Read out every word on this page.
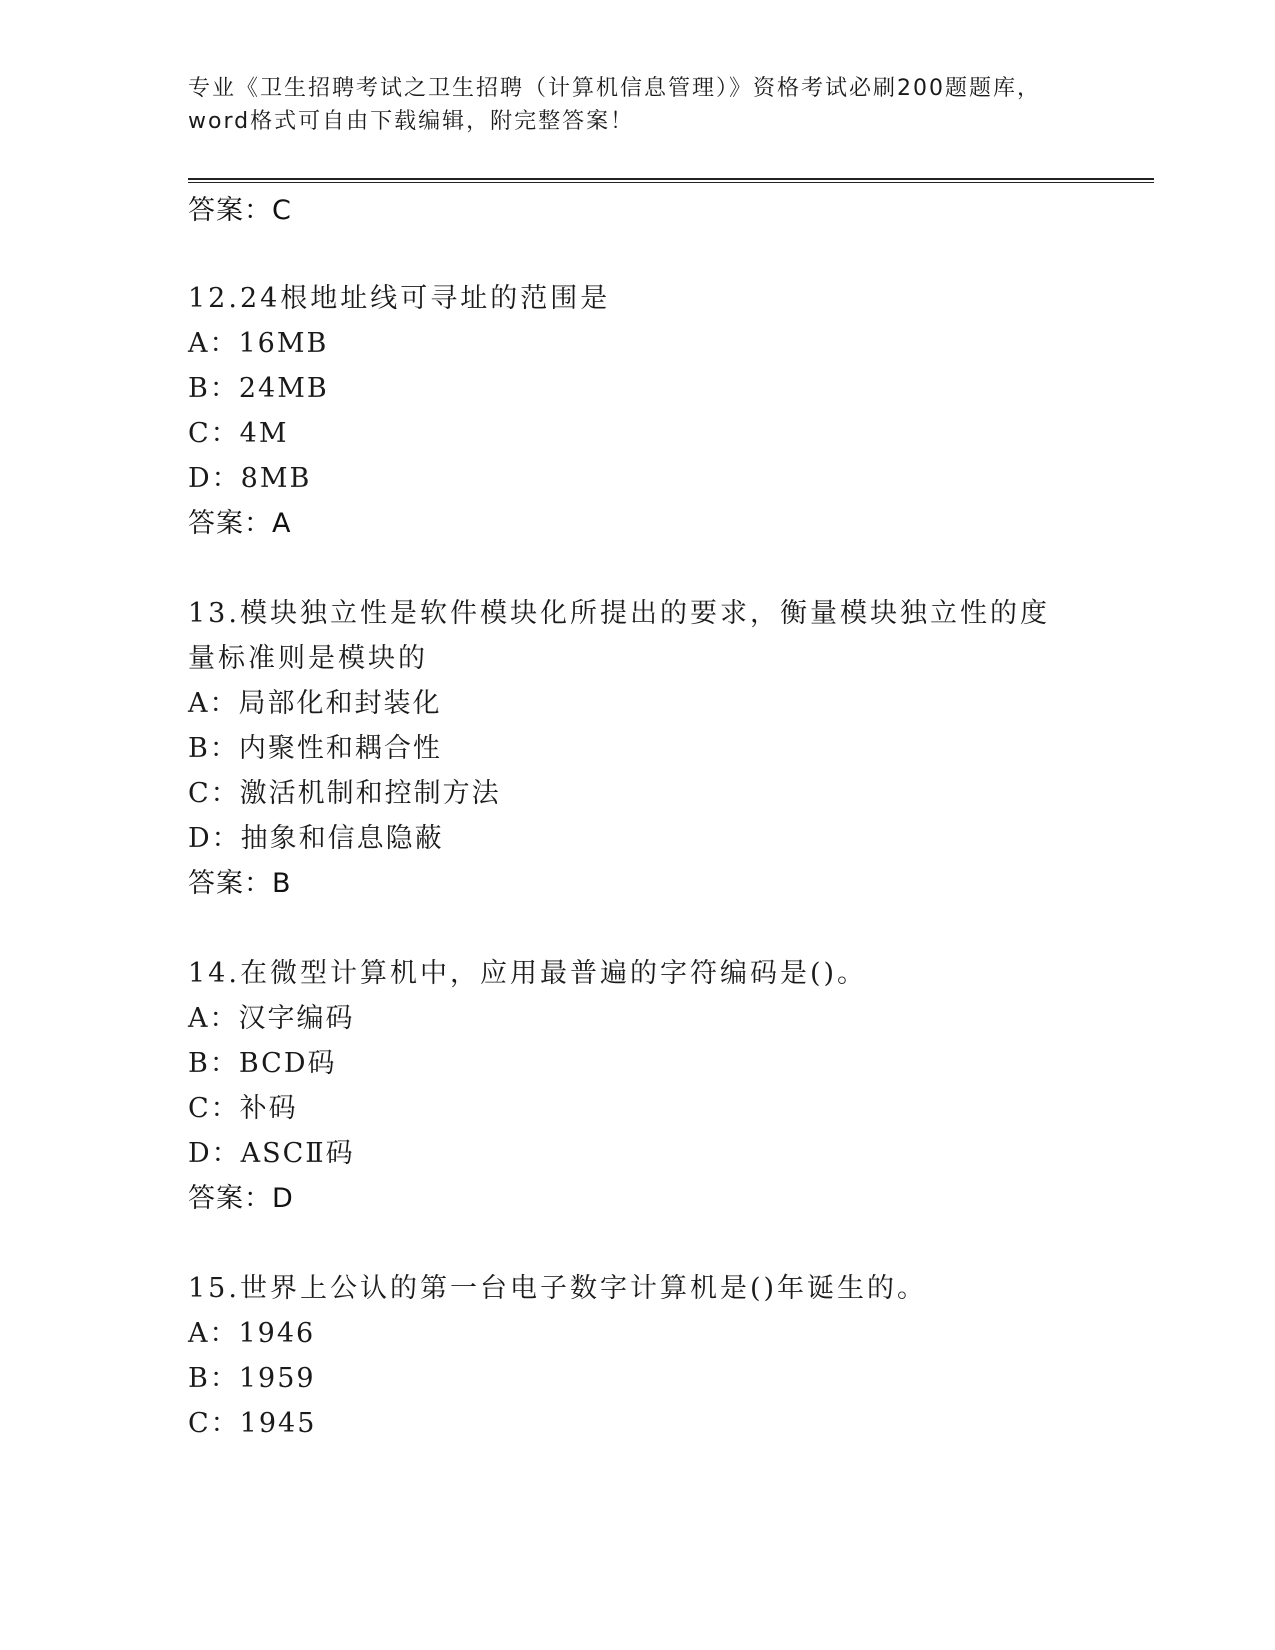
专业《卫生招聘考试之卫生招聘（计算机信息管理）》资格考试必刷200题题库，
word格式可自由下载编辑，附完整答案！
答案：C

12.24根地址线可寻址的范围是

A：16MB
B：24MB
C：4M
D：8MB
答案：A

13.模块独立性是软件模块化所提出的要求，衡量模块独立性的度量标准则是模块的

A：局部化和封装化
B：内聚性和耦合性
C：激活机制和控制方法
D：抽象和信息隐蔽
答案：B

14.在微型计算机中，应用最普遍的字符编码是()。

A：汉字编码
B：BCD码
C：补码
D：ASCⅡ码
答案：D

15.世界上公认的第一台电子数字计算机是()年诞生的。

A：1946
B：1959
C：1945
